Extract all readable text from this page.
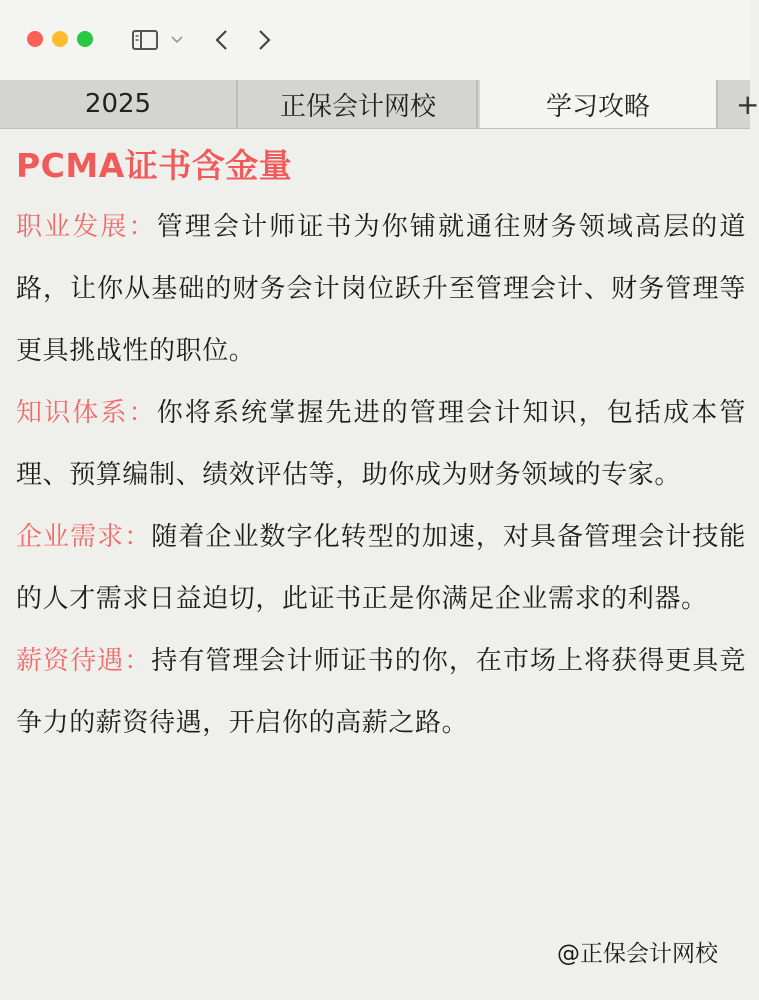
2025	正保会计网校	学习攻略	+
PCMA证书含金量

职业发展：管理会计师证书为你铺就通往财务领域高层的道路，让你从基础的财务会计岗位跃升至管理会计、财务管理等更具挑战性的职位。

知识体系：你将系统掌握先进的管理会计知识，包括成本管理、预算编制、绩效评估等，助你成为财务领域的专家。

企业需求：随着企业数字化转型的加速，对具备管理会计技能的人才需求日益迫切，此证书正是你满足企业需求的利器。

薪资待遇：持有管理会计师证书的你，在市场上将获得更具竞争力的薪资待遇，开启你的高薪之路。

@正保会计网校
